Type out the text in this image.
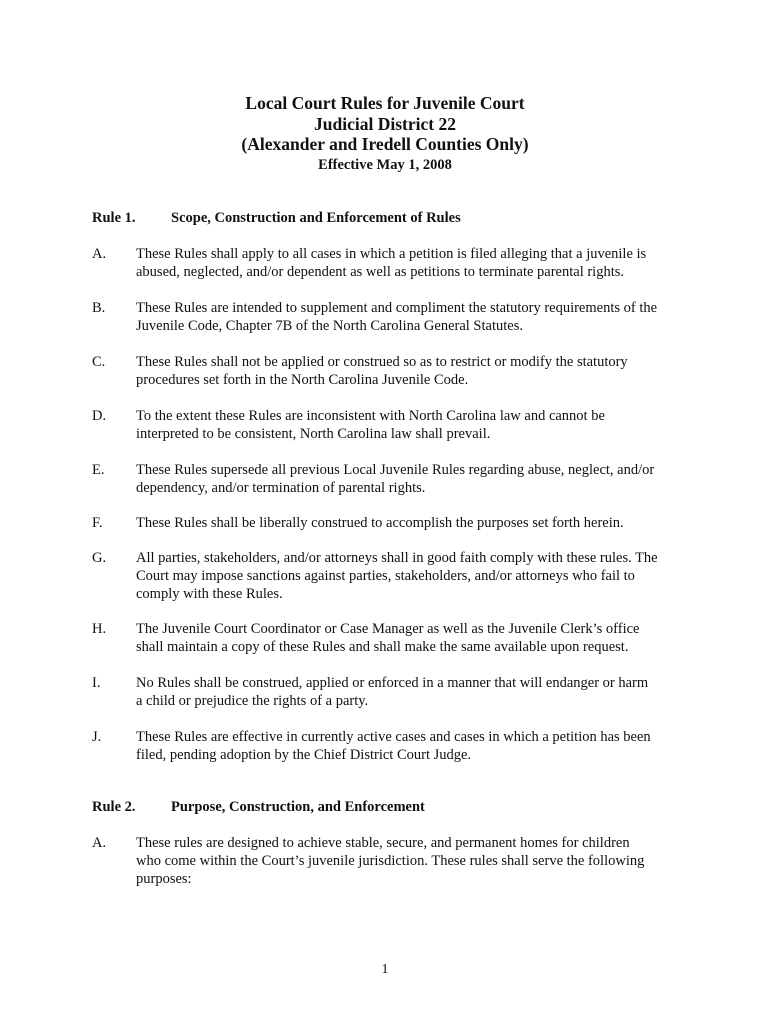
Local Court Rules for Juvenile Court
Judicial District 22
(Alexander and Iredell Counties Only)
Effective May 1, 2008
Rule 1. Scope, Construction and Enforcement of Rules
A. These Rules shall apply to all cases in which a petition is filed alleging that a juvenile is
abused, neglected, and/or dependent as well as petitions to terminate parental rights.
B. These Rules are intended to supplement and compliment the statutory requirements of the
Juvenile Code, Chapter 7B of the North Carolina General Statutes.
C. These Rules shall not be applied or construed so as to restrict or modify the statutory
procedures set forth in the North Carolina Juvenile Code.
D. To the extent these Rules are inconsistent with North Carolina law and cannot be
interpreted to be consistent, North Carolina law shall prevail.
E. These Rules supersede all previous Local Juvenile Rules regarding abuse, neglect, and/or
dependency, and/or termination of parental rights.
F. These Rules shall be liberally construed to accomplish the purposes set forth herein.
G. All parties, stakeholders, and/or attorneys shall in good faith comply with these rules. The
Court may impose sanctions against parties, stakeholders, and/or attorneys who fail to
comply with these Rules.
H. The Juvenile Court Coordinator or Case Manager as well as the Juvenile Clerk’s office
shall maintain a copy of these Rules and shall make the same available upon request.
I. No Rules shall be construed, applied or enforced in a manner that will endanger or harm
a child or prejudice the rights of a party.
J. These Rules are effective in currently active cases and cases in which a petition has been
filed, pending adoption by the Chief District Court Judge.
Rule 2. Purpose, Construction, and Enforcement
A. These rules are designed to achieve stable, secure, and permanent homes for children
who come within the Court’s juvenile jurisdiction. These rules shall serve the following
purposes:
1
